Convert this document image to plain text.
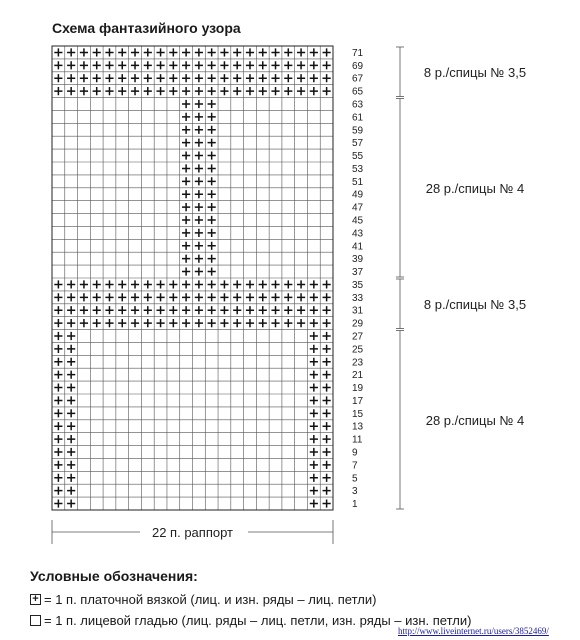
Схема фантазийного узора
1
3
5
7
9
11
13
15
17
19
21
23
25
27
29
31
33
35
37
39
41
43
45
47
49
51
53
55
57
59
61
63
65
67
69
71
8 р./спицы № 3,5
28 р./спицы № 4
8 р./спицы № 3,5
28 р./спицы № 4
22 п. раппорт
Условные обозначения:
+ = 1 п. платочной вязкой (лиц. и изн. ряды – лиц. петли)
= 1 п. лицевой гладью (лиц. ряды – лиц. петли, изн. ряды – изн. петли)
http://www.liveinternet.ru/users/3852469/
